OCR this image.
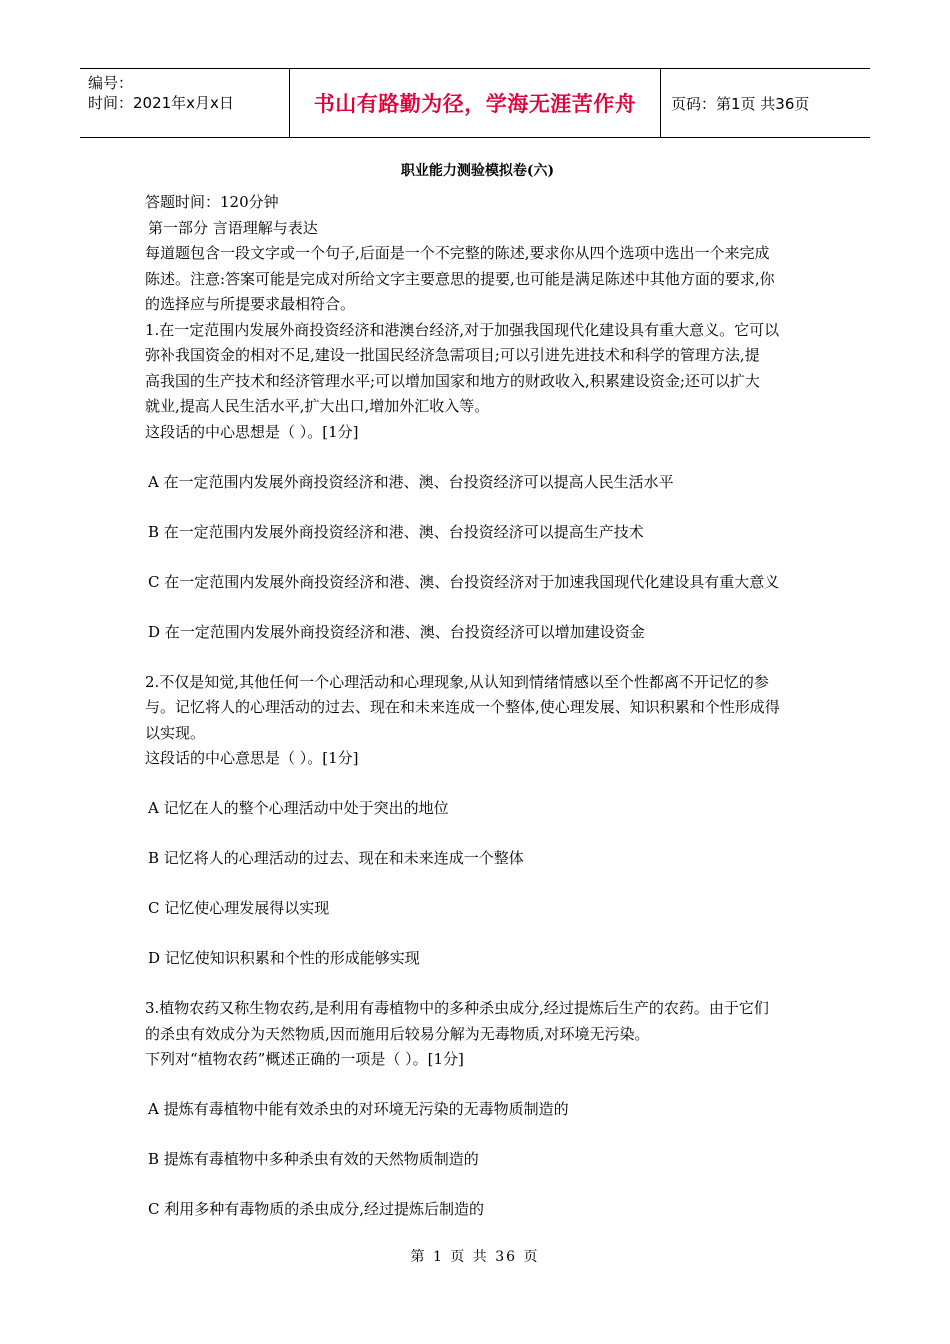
编号：
时间：2021年x月x日	书山有路勤为径，学海无涯苦作舟	页码：第1页 共36页

职业能力测验模拟卷(六)

答题时间：120分钟

第一部分 言语理解与表达

每道题包含一段文字或一个句子,后面是一个不完整的陈述,要求你从四个选项中选出一个来完成

陈述。注意:答案可能是完成对所给文字主要意思的提要,也可能是满足陈述中其他方面的要求,你

的选择应与所提要求最相符合。

1.在一定范围内发展外商投资经济和港澳台经济,对于加强我国现代化建设具有重大意义。它可以

弥补我国资金的相对不足,建设一批国民经济急需项目;可以引进先进技术和科学的管理方法,提

高我国的生产技术和经济管理水平;可以增加国家和地方的财政收入,积累建设资金;还可以扩大

就业,提高人民生活水平,扩大出口,增加外汇收入等。

这段话的中心思想是（ ）。[1分]

A 在一定范围内发展外商投资经济和港、澳、台投资经济可以提高人民生活水平

B 在一定范围内发展外商投资经济和港、澳、台投资经济可以提高生产技术

C 在一定范围内发展外商投资经济和港、澳、台投资经济对于加速我国现代化建设具有重大意义

D 在一定范围内发展外商投资经济和港、澳、台投资经济可以增加建设资金

2.不仅是知觉,其他任何一个心理活动和心理现象,从认知到情绪情感以至个性都离不开记忆的参

与。记忆将人的心理活动的过去、现在和未来连成一个整体,使心理发展、知识积累和个性形成得

以实现。

这段话的中心意思是（ ）。[1分]

A 记忆在人的整个心理活动中处于突出的地位

B 记忆将人的心理活动的过去、现在和未来连成一个整体

C 记忆使心理发展得以实现

D 记忆使知识积累和个性的形成能够实现

3.植物农药又称生物农药,是利用有毒植物中的多种杀虫成分,经过提炼后生产的农药。由于它们

的杀虫有效成分为天然物质,因而施用后较易分解为无毒物质,对环境无污染。

下列对“植物农药”概述正确的一项是（ ）。[1分]

A 提炼有毒植物中能有效杀虫的对环境无污染的无毒物质制造的

B 提炼有毒植物中多种杀虫有效的天然物质制造的

C 利用多种有毒物质的杀虫成分,经过提炼后制造的

第 1 页 共 36 页
